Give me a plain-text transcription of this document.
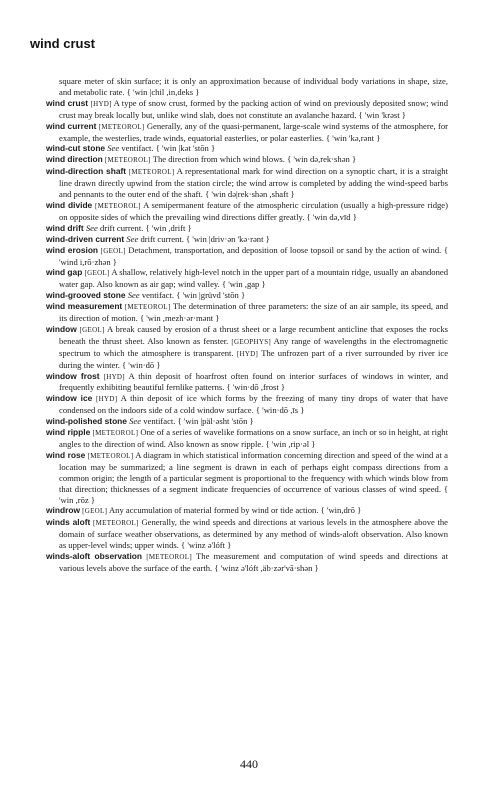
wind crust

square meter of skin surface; it is only an approximation because of individual body variations in shape, size, and metabolic rate. { 'win |chil ,in,deks }

wind crust [HYD] A type of snow crust, formed by the packing action of wind on previously deposited snow; wind crust may break locally but, unlike wind slab, does not constitute an avalanche hazard. { 'win 'krəst }

wind current [METEOROL] Generally, any of the quasi-permanent, large-scale wind systems of the atmosphere, for example, the westerlies, trade winds, equatorial easterlies, or polar easterlies. { 'win 'kə,rənt }

wind-cut stone See ventifact. { 'win |kət 'stōn }

wind direction [METEOROL] The direction from which wind blows. { 'win də,rek·shən }

wind-direction shaft [METEOROL] A representational mark for wind direction on a synoptic chart, it is a straight line drawn directly upwind from the station circle; the wind arrow is completed by adding the wind-speed barbs and pennants to the outer end of the shaft. { 'win də|rek·shən ,shaft }

wind divide [METEOROL] A semipermanent feature of the atmospheric circulation (usually a high-pressure ridge) on opposite sides of which the prevailing wind directions differ greatly. { 'win də,vīd }

wind drift See drift current. { 'win ,drift }

wind-driven current See drift current. { 'win |driv·ən 'kə·rənt }

wind erosion [GEOL] Detachment, transportation, and deposition of loose topsoil or sand by the action of wind. { 'wind i,rō·zhən }

wind gap [GEOL] A shallow, relatively high-level notch in the upper part of a mountain ridge, usually an abandoned water gap. Also known as air gap; wind valley. { 'win ,gap }

wind-grooved stone See ventifact. { 'win |grüvd 'stōn }

wind measurement [METEOROL] The determination of three parameters: the size of an air sample, its speed, and its direction of motion. { 'win ,mezh·ər·mənt }

window [GEOL] A break caused by erosion of a thrust sheet or a large recumbent anticline that exposes the rocks beneath the thrust sheet. Also known as fenster. [GEOPHYS] Any range of wavelengths in the electromagnetic spectrum to which the atmosphere is transparent. [HYD] The unfrozen part of a river surrounded by river ice during the winter. { 'win·dō }

window frost [HYD] A thin deposit of hoarfrost often found on interior surfaces of windows in winter, and frequently exhibiting beautiful fernlike patterns. { 'win·dō ,frost }

window ice [HYD] A thin deposit of ice which forms by the freezing of many tiny drops of water that have condensed on the indoors side of a cold window surface. { 'win·dō ,īs }

wind-polished stone See ventifact. { 'win |päl·əsht 'stōn }

wind ripple [METEOROL] One of a series of wavelike formations on a snow surface, an inch or so in height, at right angles to the direction of wind. Also known as snow ripple. { 'win ,rip·əl }

wind rose [METEOROL] A diagram in which statistical information concerning direction and speed of the wind at a location may be summarized; a line segment is drawn in each of perhaps eight compass directions from a common origin; the length of a particular segment is proportional to the frequency with which winds blow from that direction; thicknesses of a segment indicate frequencies of occurrence of various classes of wind speed. { 'win ,rōz }

windrow [GEOL] Any accumulation of material formed by wind or tide action. { 'win,drō }

winds aloft [METEOROL] Generally, the wind speeds and directions at various levels in the atmosphere above the domain of surface weather observations, as determined by any method of winds-aloft observation. Also known as upper-level winds; upper winds. { 'winz ə'lóft }

winds-aloft observation [METEOROL] The measurement and computation of wind speeds and directions at various levels above the surface of the earth. { 'winz ə'lóft ,äb·zər'vā·shən }

440
